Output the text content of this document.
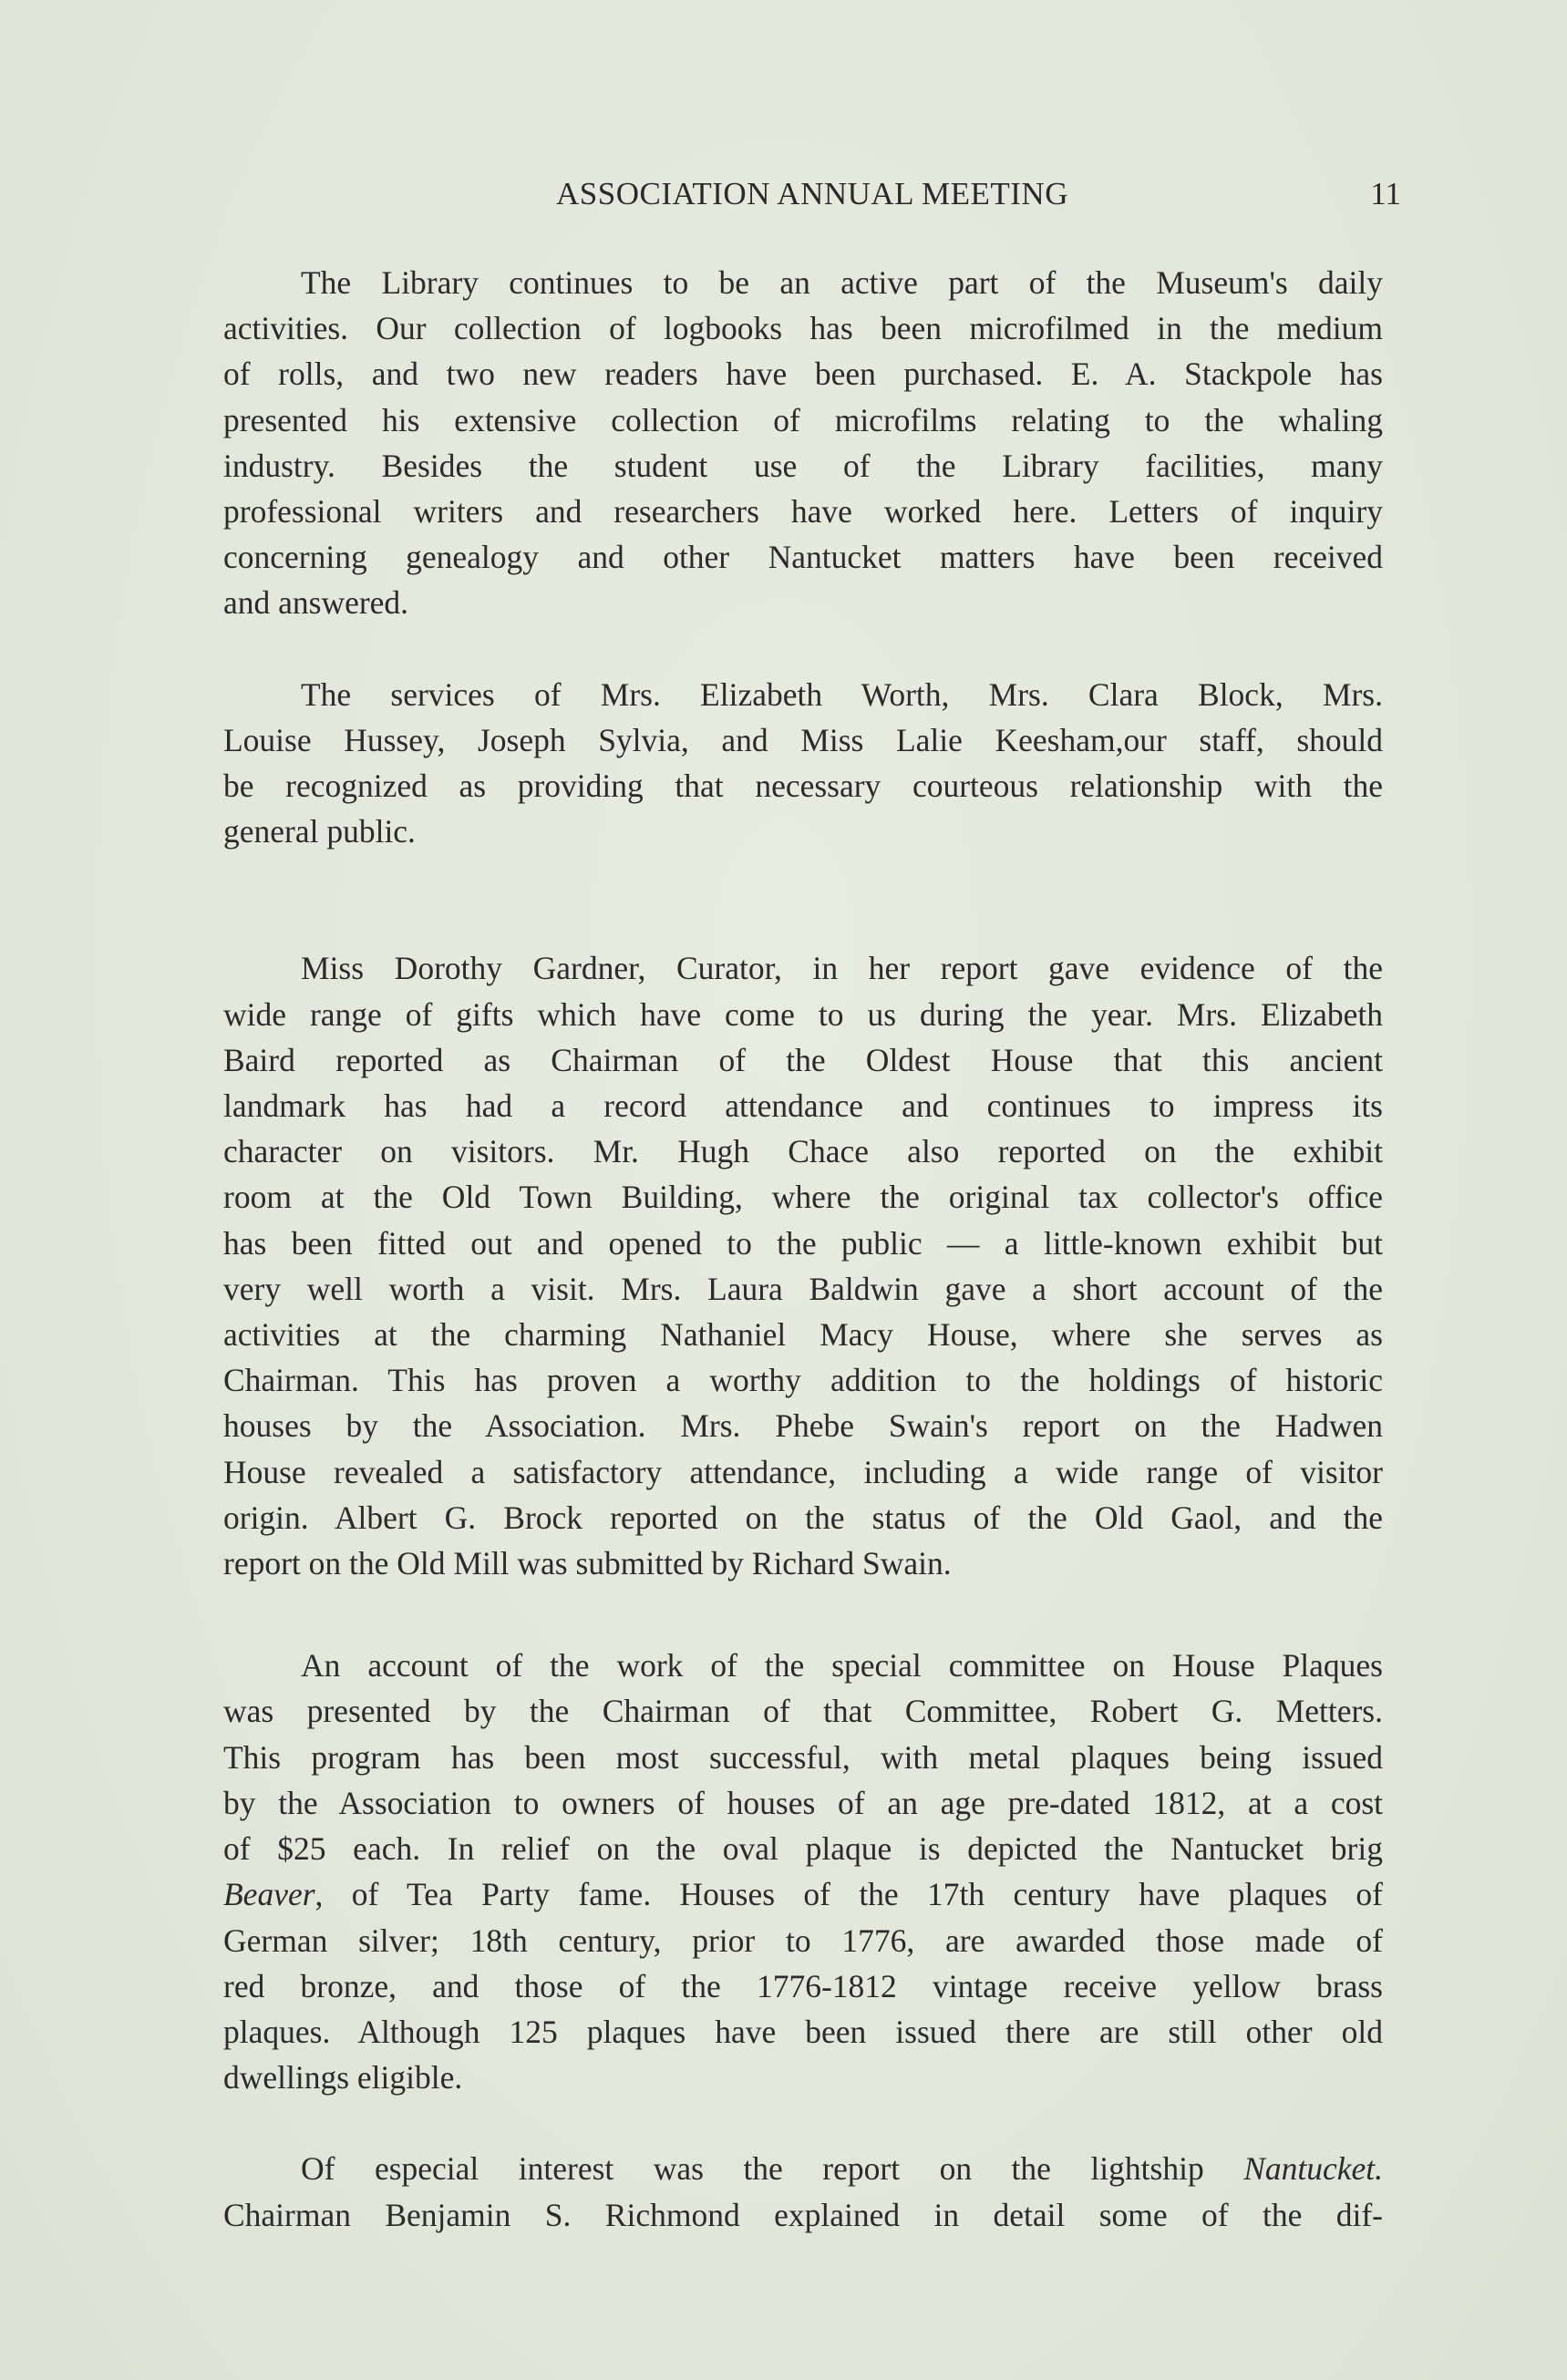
ASSOCIATION ANNUAL MEETING	11
The Library continues to be an active part of the Museum's daily
activities. Our collection of logbooks has been microfilmed in the medium
of rolls, and two new readers have been purchased. E. A. Stackpole has
presented his extensive collection of microfilms relating to the whaling
industry. Besides the student use of the Library facilities, many
professional writers and researchers have worked here. Letters of inquiry
concerning genealogy and other Nantucket matters have been received
and answered.
The services of Mrs. Elizabeth Worth, Mrs. Clara Block, Mrs.
Louise Hussey, Joseph Sylvia, and Miss Lalie Keesham,our staff, should
be recognized as providing that necessary courteous relationship with the
general public.
Miss Dorothy Gardner, Curator, in her report gave evidence of the
wide range of gifts which have come to us during the year. Mrs. Elizabeth
Baird reported as Chairman of the Oldest House that this ancient
landmark has had a record attendance and continues to impress its
character on visitors. Mr. Hugh Chace also reported on the exhibit
room at the Old Town Building, where the original tax collector's office
has been fitted out and opened to the public — a little-known exhibit but
very well worth a visit. Mrs. Laura Baldwin gave a short account of the
activities at the charming Nathaniel Macy House, where she serves as
Chairman. This has proven a worthy addition to the holdings of historic
houses by the Association. Mrs. Phebe Swain's report on the Hadwen
House revealed a satisfactory attendance, including a wide range of visitor
origin. Albert G. Brock reported on the status of the Old Gaol, and the
report on the Old Mill was submitted by Richard Swain.
An account of the work of the special committee on House Plaques
was presented by the Chairman of that Committee, Robert G. Metters.
This program has been most successful, with metal plaques being issued
by the Association to owners of houses of an age pre-dated 1812, at a cost
of $25 each. In relief on the oval plaque is depicted the Nantucket brig
Beaver, of Tea Party fame. Houses of the 17th century have plaques of
German silver; 18th century, prior to 1776, are awarded those made of
red bronze, and those of the 1776-1812 vintage receive yellow brass
plaques. Although 125 plaques have been issued there are still other old
dwellings eligible.
Of especial interest was the report on the lightship Nantucket.
Chairman Benjamin S. Richmond explained in detail some of the dif-
